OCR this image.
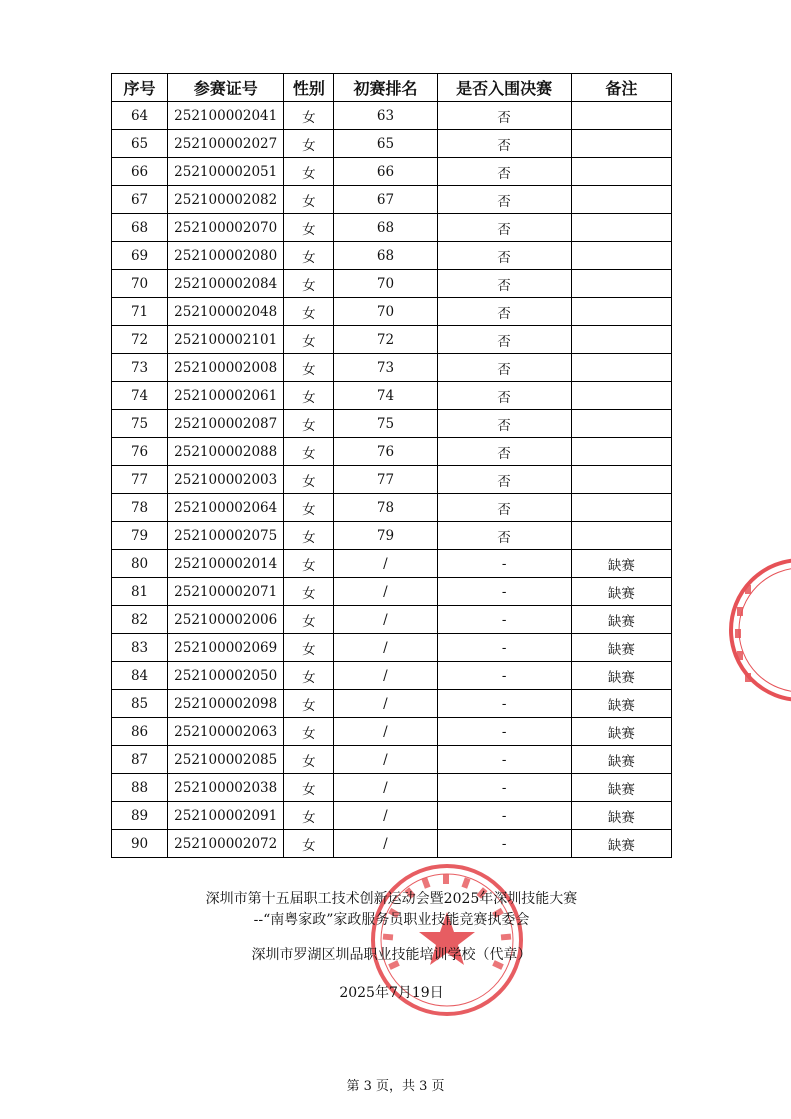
序号	参赛证号	性别	初赛排名	是否入围决赛	备注
64	252100002041	女	63	否	
65	252100002027	女	65	否	
66	252100002051	女	66	否	
67	252100002082	女	67	否	
68	252100002070	女	68	否	
69	252100002080	女	68	否	
70	252100002084	女	70	否	
71	252100002048	女	70	否	
72	252100002101	女	72	否	
73	252100002008	女	73	否	
74	252100002061	女	74	否	
75	252100002087	女	75	否	
76	252100002088	女	76	否	
77	252100002003	女	77	否	
78	252100002064	女	78	否	
79	252100002075	女	79	否	
80	252100002014	女	/	-	缺赛
81	252100002071	女	/	-	缺赛
82	252100002006	女	/	-	缺赛
83	252100002069	女	/	-	缺赛
84	252100002050	女	/	-	缺赛
85	252100002098	女	/	-	缺赛
86	252100002063	女	/	-	缺赛
87	252100002085	女	/	-	缺赛
88	252100002038	女	/	-	缺赛
89	252100002091	女	/	-	缺赛
90	252100002072	女	/	-	缺赛
深圳市第十五届职工技术创新运动会暨2025年深圳技能大赛
--“南粤家政”家政服务员职业技能竞赛执委会
深圳市罗湖区圳品职业技能培训学校（代章）
2025年7月19日
第 3 页，共 3 页
